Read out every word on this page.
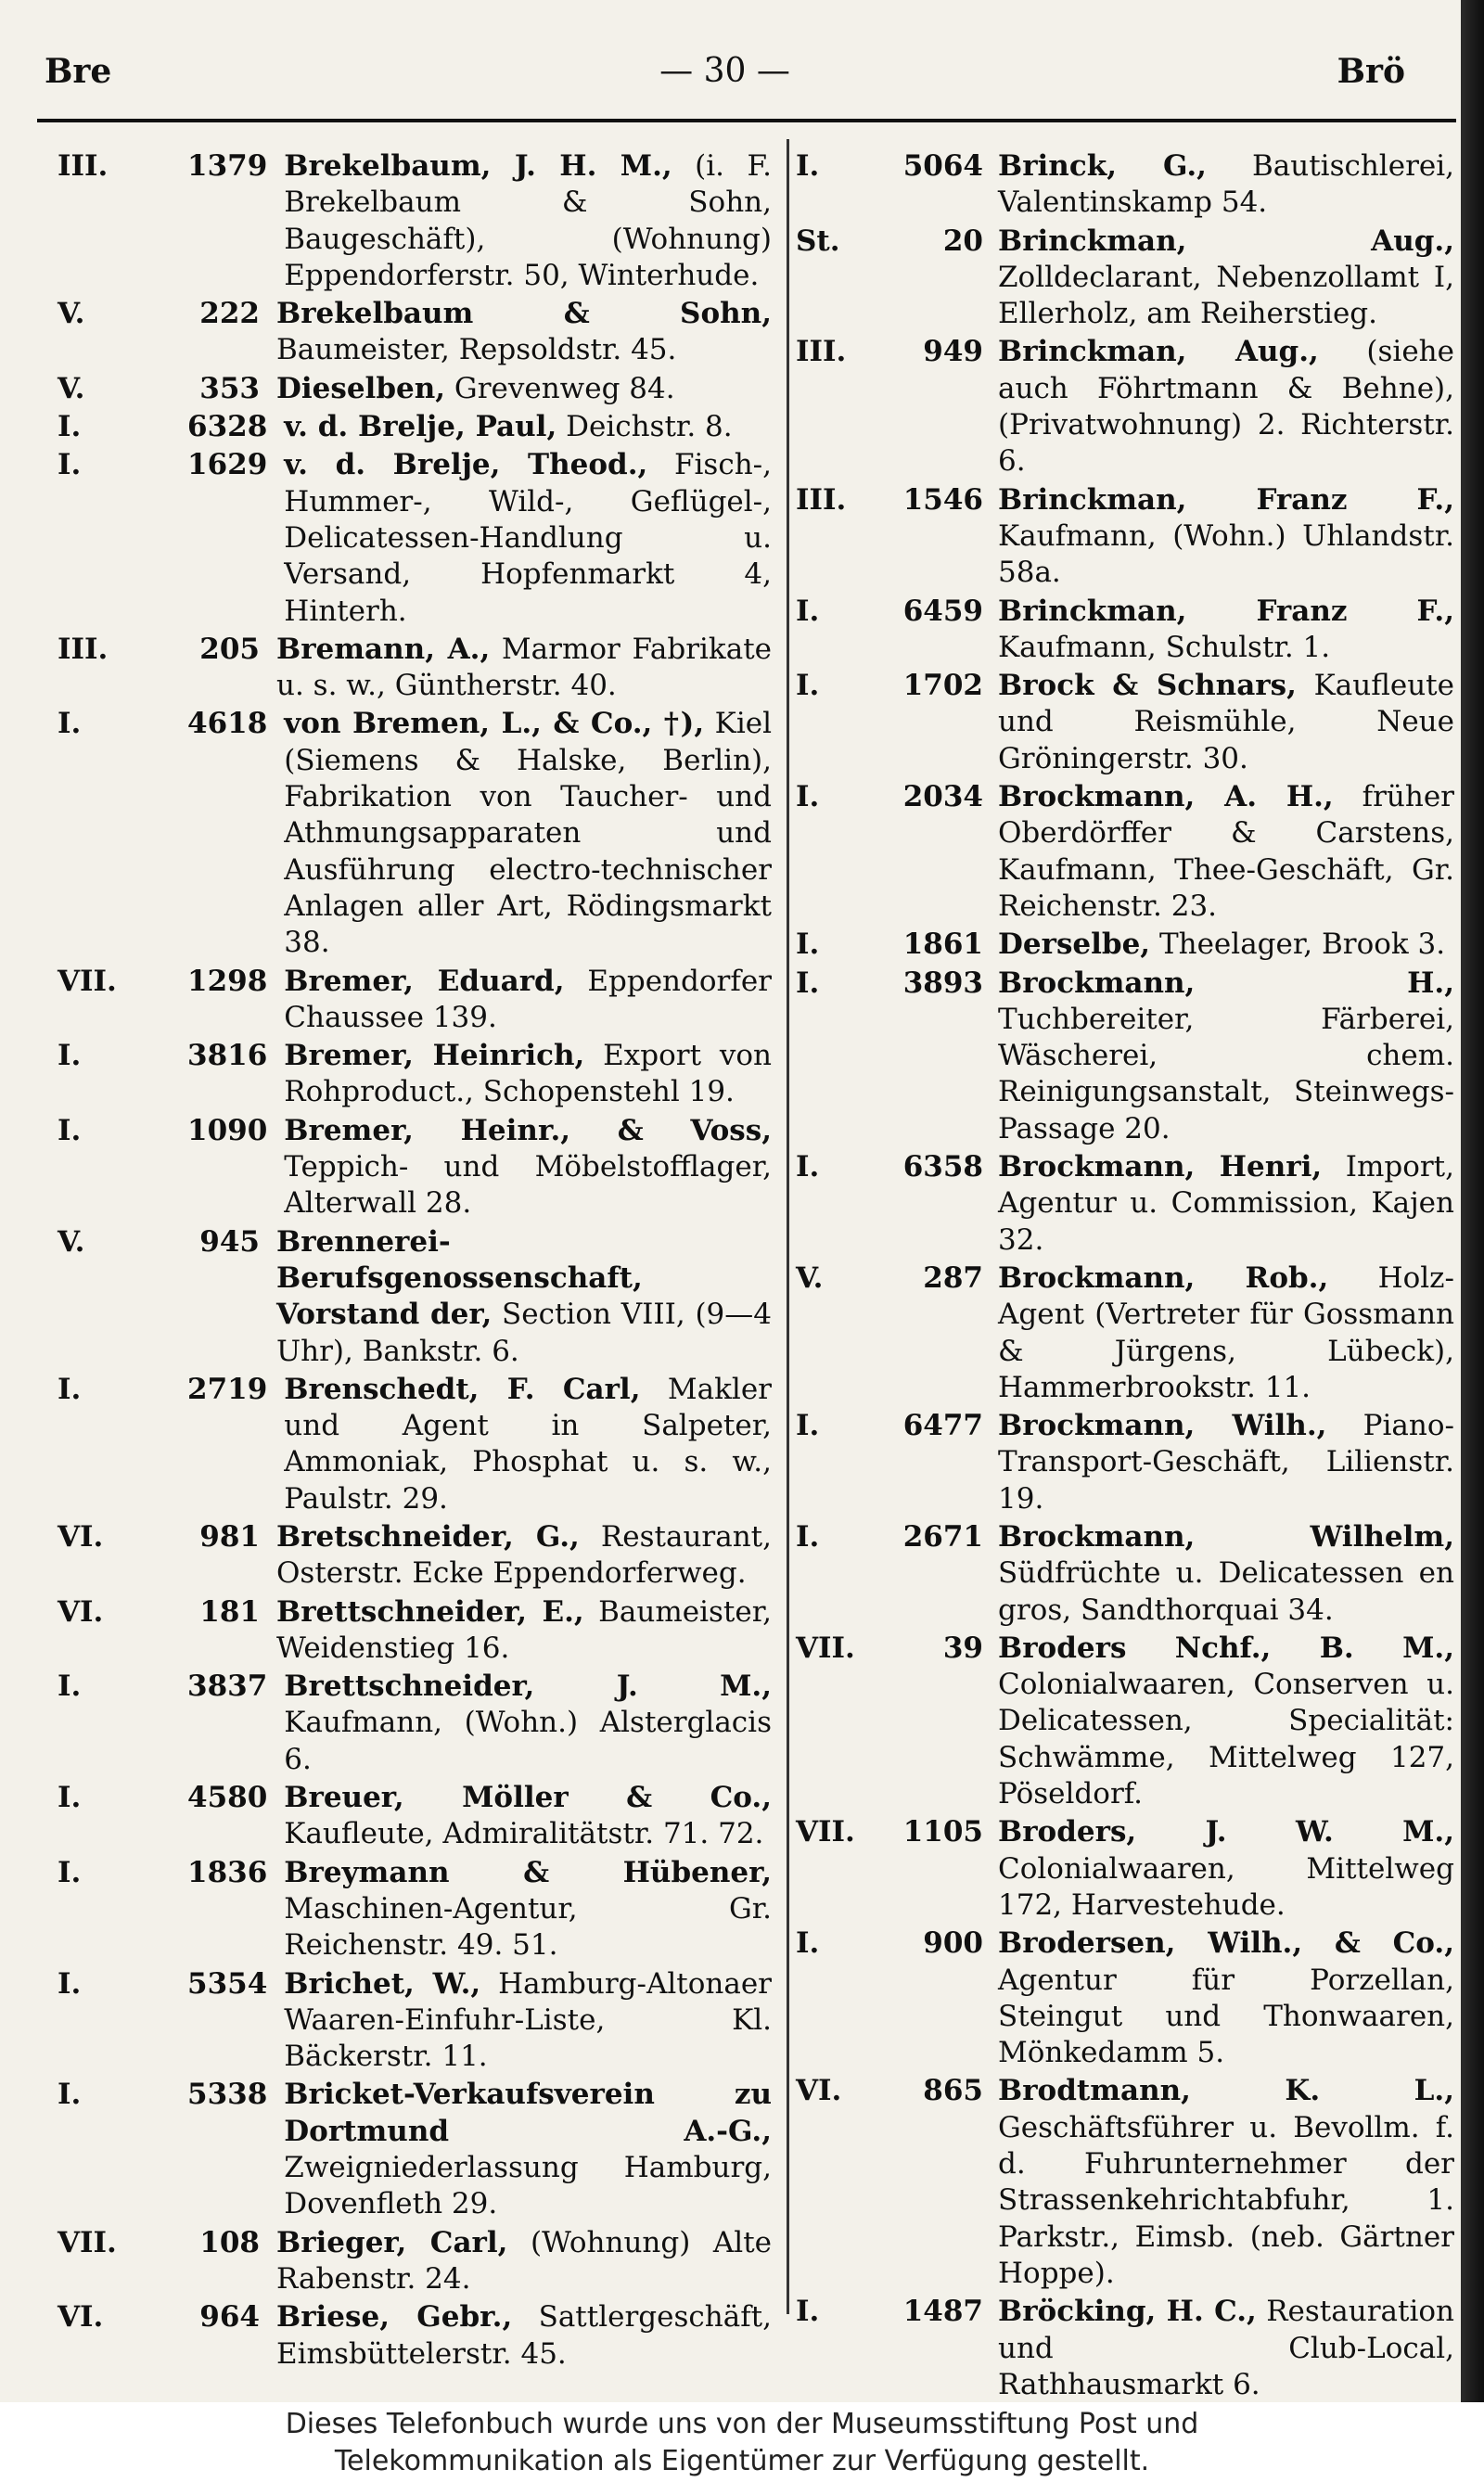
Bre	— 30 —	Brö
III.	1379 Brekelbaum, J. H. M., (i. F. Brekelbaum & Sohn, Baugeschäft), (Wohnung) Eppendorferstr. 50, Winterhude.
V.	222 Brekelbaum & Sohn, Baumeister, Repsoldstr. 45.
V.	353 Dieselben, Grevenweg 84.
I.	6328 v. d. Brelje, Paul, Deichstr. 8.
I.	1629 v. d. Brelje, Theod., Fisch-, Hummer-, Wild-, Geflügel-, Delicatessen-Handlung u. Versand, Hopfenmarkt 4, Hinterh.
III.	205 Bremann, A., Marmor Fabrikate u. s. w., Güntherstr. 40.
I.	4618 von Bremen, L., & Co., †), Kiel (Siemens & Halske, Berlin), Fabrikation von Taucher- und Athmungsapparaten und Ausführung electro-technischer Anlagen aller Art, Rödingsmarkt 38.
VII.	1298 Bremer, Eduard, Eppendorfer Chaussee 139.
I.	3816 Bremer, Heinrich, Export von Rohproduct., Schopenstehl 19.
I.	1090 Bremer, Heinr., & Voss, Teppich- und Möbelstofflager, Alterwall 28.
V.	945 Brennerei-Berufsgenossenschaft, Vorstand der, Section VIII, (9—4 Uhr), Bankstr. 6.
I.	2719 Brenschedt, F. Carl, Makler und Agent in Salpeter, Ammoniak, Phosphat u. s. w., Paulstr. 29.
VI.	981 Bretschneider, G., Restaurant, Osterstr. Ecke Eppendorferweg.
VI.	181 Brettschneider, E., Baumeister, Weidenstieg 16.
I.	3837 Brettschneider, J. M., Kaufmann, (Wohn.) Alsterglacis 6.
I.	4580 Breuer, Möller & Co., Kaufleute, Admiralitätstr. 71. 72.
I.	1836 Breymann & Hübener, Maschinen-Agentur, Gr. Reichenstr. 49. 51.
I.	5354 Brichet, W., Hamburg-Altonaer Waaren-Einfuhr-Liste, Kl. Bäckerstr. 11.
I.	5338 Bricket-Verkaufsverein zu Dortmund A.-G., Zweigniederlassung Hamburg, Dovenfleth 29.
VII.	108 Brieger, Carl, (Wohnung) Alte Rabenstr. 24.
VI.	964 Briese, Gebr., Sattlergeschäft, Eimsbüttelerstr. 45.
I.	5064 Brinck, G., Bautischlerei, Valentinskamp 54.
St.	20 Brinckman, Aug., Zolldeclarant, Nebenzollamt I, Ellerholz, am Reiherstieg.
III.	949 Brinckman, Aug., (siehe auch Föhrtmann & Behne), (Privatwohnung) 2. Richterstr. 6.
III.	1546 Brinckman, Franz F., Kaufmann, (Wohn.) Uhlandstr. 58a.
I.	6459 Brinckman, Franz F., Kaufmann, Schulstr. 1.
I.	1702 Brock & Schnars, Kaufleute und Reismühle, Neue Gröningerstr. 30.
I.	2034 Brockmann, A. H., früher Oberdörffer & Carstens, Kaufmann, Thee-Geschäft, Gr. Reichenstr. 23.
I.	1861 Derselbe, Theelager, Brook 3.
I.	3893 Brockmann, H., Tuchbereiter, Färberei, Wäscherei, chem. Reinigungsanstalt, Steinwegs-Passage 20.
I.	6358 Brockmann, Henri, Import, Agentur u. Commission, Kajen 32.
V.	287 Brockmann, Rob., Holz-Agent (Vertreter für Gossmann & Jürgens, Lübeck), Hammerbrookstr. 11.
I.	6477 Brockmann, Wilh., Piano-Transport-Geschäft, Lilienstr. 19.
I.	2671 Brockmann, Wilhelm, Südfrüchte u. Delicatessen en gros, Sandthorquai 34.
VII.	39 Broders Nchf., B. M., Colonialwaaren, Conserven u. Delicatessen, Specialität: Schwämme, Mittelweg 127, Pöseldorf.
VII.	1105 Broders, J. W. M., Colonialwaaren, Mittelweg 172, Harvestehude.
I.	900 Brodersen, Wilh., & Co., Agentur für Porzellan, Steingut und Thonwaaren, Mönkedamm 5.
VI.	865 Brodtmann, K. L., Geschäftsführer u. Bevollm. f. d. Fuhrunternehmer der Strassenkehrichtabfuhr, 1. Parkstr., Eimsb. (neb. Gärtner Hoppe).
I.	1487 Bröcking, H. C., Restauration und Club-Local, Rathhausmarkt 6.
Dieses Telefonbuch wurde uns von der Museumsstiftung Post und
Telekommunikation als Eigentümer zur Verfügung gestellt.
